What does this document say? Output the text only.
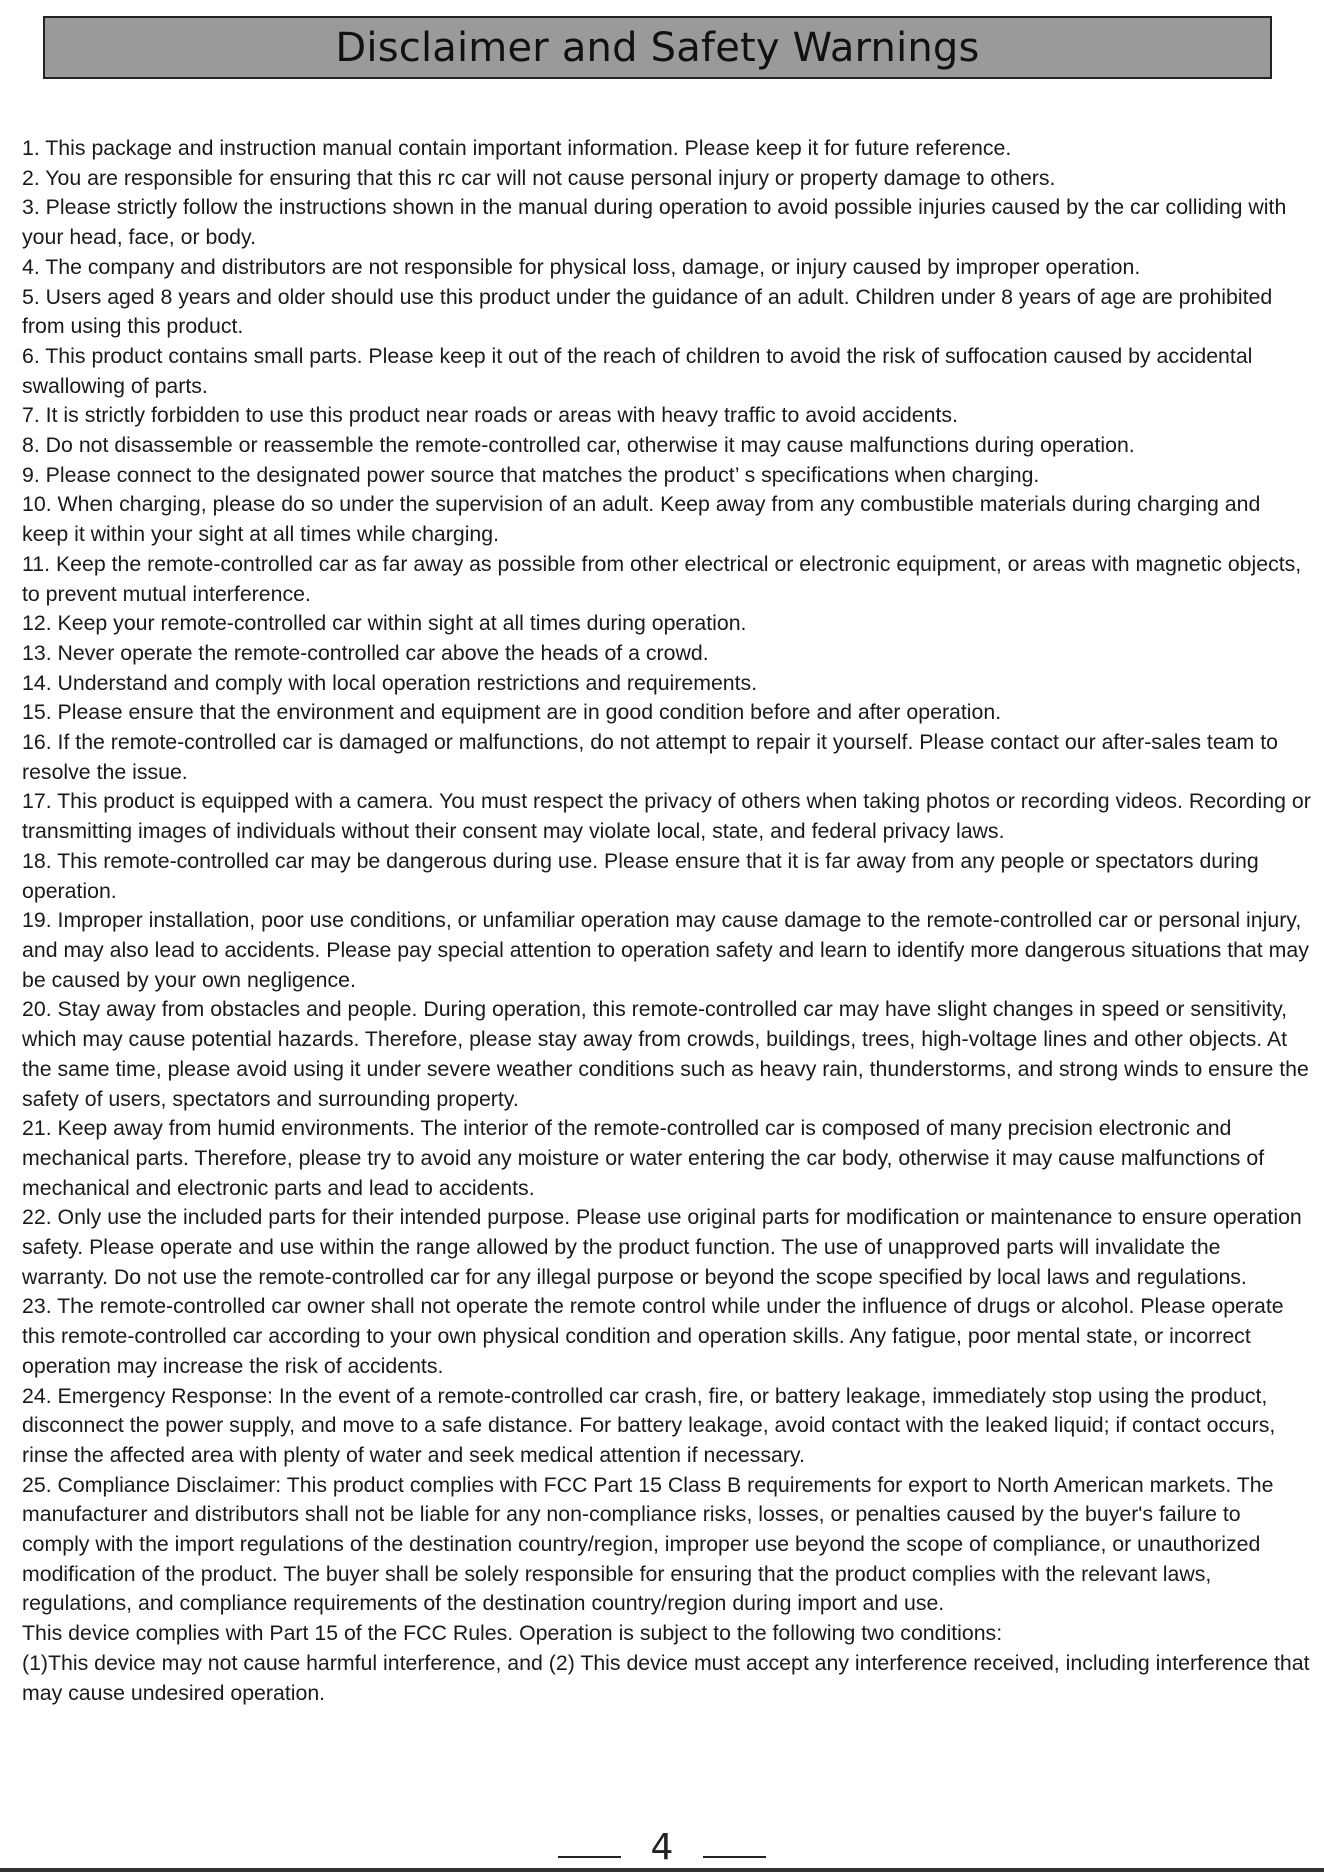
Disclaimer and Safety Warnings

1. This package and instruction manual contain important information. Please keep it for future reference.

2. You are responsible for ensuring that this rc car will not cause personal injury or property damage to others.

3. Please strictly follow the instructions shown in the manual during operation to avoid possible injuries caused by the car colliding with your head, face, or body.

4. The company and distributors are not responsible for physical loss, damage, or injury caused by improper operation.

5. Users aged 8 years and older should use this product under the guidance of an adult. Children under 8 years of age are prohibited from using this product.

6. This product contains small parts. Please keep it out of the reach of children to avoid the risk of suffocation caused by accidental swallowing of parts.

7. It is strictly forbidden to use this product near roads or areas with heavy traffic to avoid accidents.

8. Do not disassemble or reassemble the remote-controlled car, otherwise it may cause malfunctions during operation.

9. Please connect to the designated power source that matches the product’ s specifications when charging.

10. When charging, please do so under the supervision of an adult. Keep away from any combustible materials during charging and keep it within your sight at all times while charging.

11. Keep the remote-controlled car as far away as possible from other electrical or electronic equipment, or areas with magnetic objects, to prevent mutual interference.

12. Keep your remote-controlled car within sight at all times during operation.

13. Never operate the remote-controlled car above the heads of a crowd.

14. Understand and comply with local operation restrictions and requirements.

15. Please ensure that the environment and equipment are in good condition before and after operation.

16. If the remote-controlled car is damaged or malfunctions, do not attempt to repair it yourself. Please contact our after-sales team to resolve the issue.

17. This product is equipped with a camera. You must respect the privacy of others when taking photos or recording videos. Recording or transmitting images of individuals without their consent may violate local, state, and federal privacy laws.

18. This remote-controlled car may be dangerous during use. Please ensure that it is far away from any people or spectators during operation.

19. Improper installation, poor use conditions, or unfamiliar operation may cause damage to the remote-controlled car or personal injury, and may also lead to accidents. Please pay special attention to operation safety and learn to identify more dangerous situations that may be caused by your own negligence.

20. Stay away from obstacles and people. During operation, this remote-controlled car may have slight changes in speed or sensitivity, which may cause potential hazards. Therefore, please stay away from crowds, buildings, trees, high-voltage lines and other objects. At the same time, please avoid using it under severe weather conditions such as heavy rain, thunderstorms, and strong winds to ensure the safety of users, spectators and surrounding property.

21. Keep away from humid environments. The interior of the remote-controlled car is composed of many precision electronic and mechanical parts. Therefore, please try to avoid any moisture or water entering the car body, otherwise it may cause malfunctions of mechanical and electronic parts and lead to accidents.

22. Only use the included parts for their intended purpose. Please use original parts for modification or maintenance to ensure operation safety. Please operate and use within the range allowed by the product function. The use of unapproved parts will invalidate the warranty. Do not use the remote-controlled car for any illegal purpose or beyond the scope specified by local laws and regulations.

23. The remote-controlled car owner shall not operate the remote control while under the influence of drugs or alcohol. Please operate this remote-controlled car according to your own physical condition and operation skills. Any fatigue, poor mental state, or incorrect operation may increase the risk of accidents.

24. Emergency Response: In the event of a remote-controlled car crash, fire, or battery leakage, immediately stop using the product, disconnect the power supply, and move to a safe distance. For battery leakage, avoid contact with the leaked liquid; if contact occurs, rinse the affected area with plenty of water and seek medical attention if necessary.

25. Compliance Disclaimer: This product complies with FCC Part 15 Class B requirements for export to North American markets. The manufacturer and distributors shall not be liable for any non-compliance risks, losses, or penalties caused by the buyer's failure to comply with the import regulations of the destination country/region, improper use beyond the scope of compliance, or unauthorized modification of the product. The buyer shall be solely responsible for ensuring that the product complies with the relevant laws, regulations, and compliance requirements of the destination country/region during import and use.

This device complies with Part 15 of the FCC Rules. Operation is subject to the following two conditions:

(1)This device may not cause harmful interference, and (2) This device must accept any interference received, including interference that may cause undesired operation.

4
